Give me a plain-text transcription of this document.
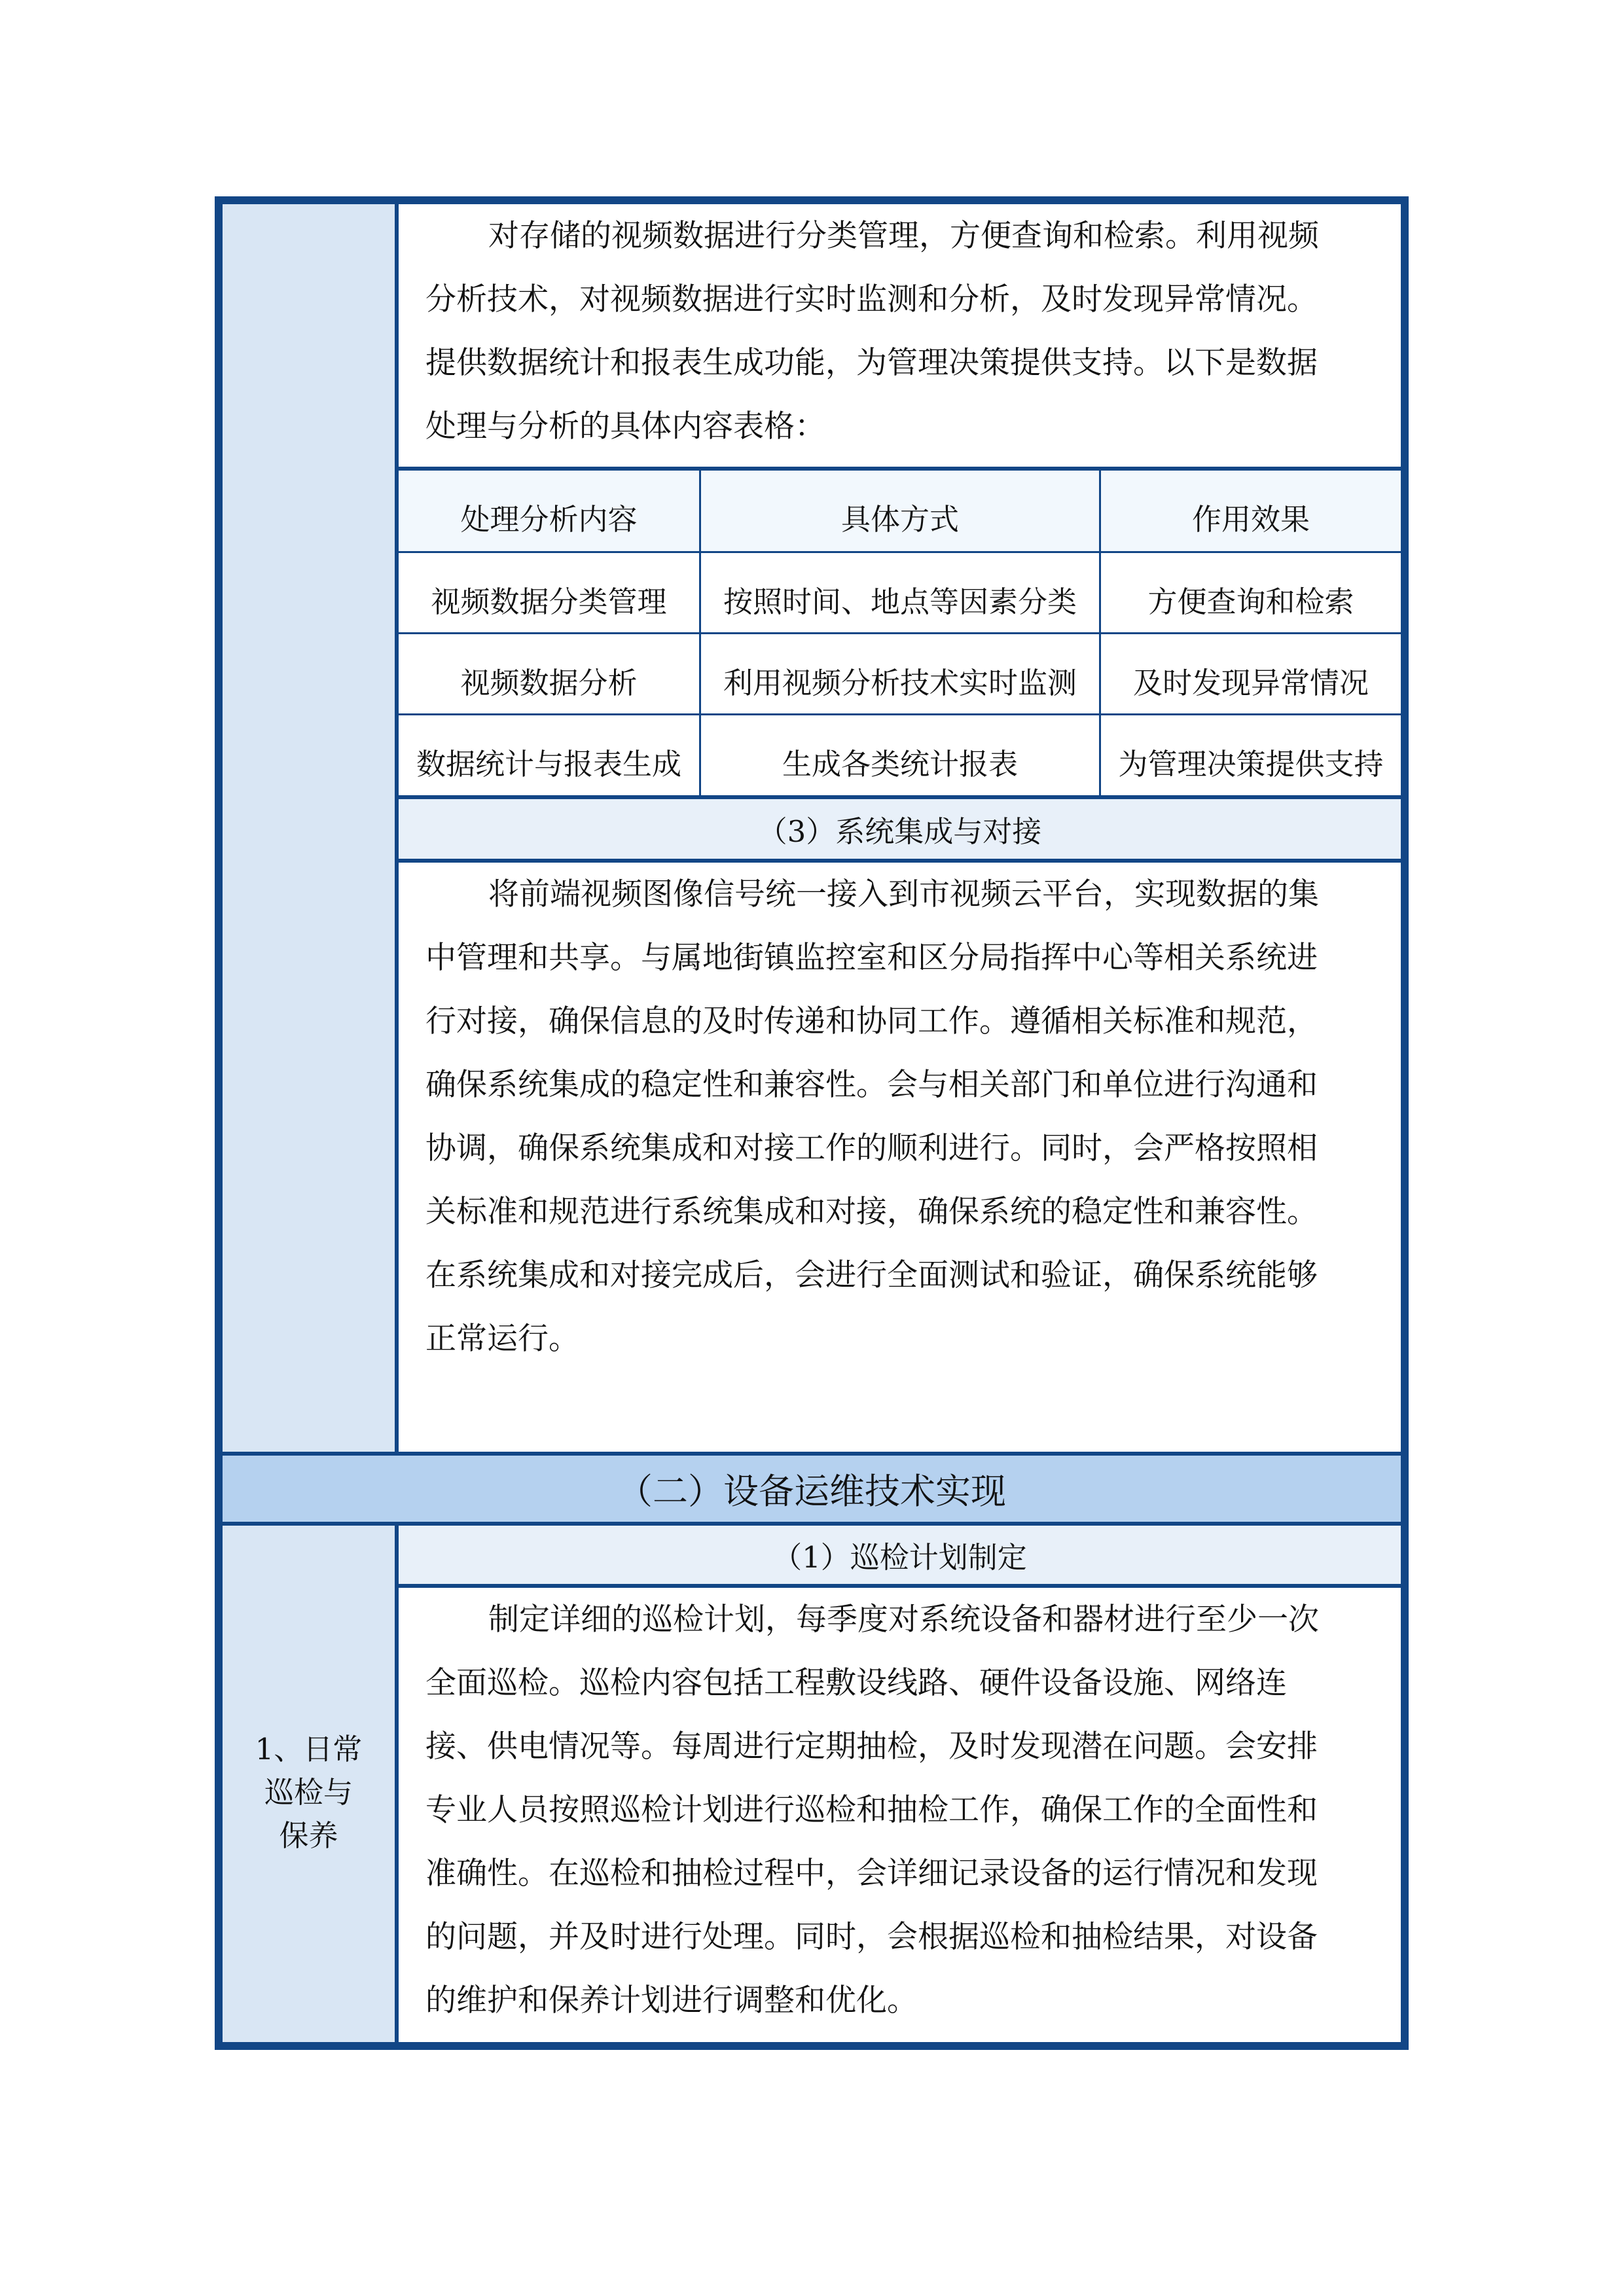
对存储的视频数据进行分类管理，方便查询和检索。利用视频
分析技术，对视频数据进行实时监测和分析，及时发现异常情况。
提供数据统计和报表生成功能，为管理决策提供支持。以下是数据
处理与分析的具体内容表格：
处理分析内容	具体方式	作用效果
视频数据分类管理	按照时间、地点等因素分类	方便查询和检索
视频数据分析	利用视频分析技术实时监测	及时发现异常情况
数据统计与报表生成	生成各类统计报表	为管理决策提供支持
（3）系统集成与对接
将前端视频图像信号统一接入到市视频云平台，实现数据的集
中管理和共享。与属地街镇监控室和区分局指挥中心等相关系统进
行对接，确保信息的及时传递和协同工作。遵循相关标准和规范，
确保系统集成的稳定性和兼容性。会与相关部门和单位进行沟通和
协调，确保系统集成和对接工作的顺利进行。同时，会严格按照相
关标准和规范进行系统集成和对接，确保系统的稳定性和兼容性。
在系统集成和对接完成后，会进行全面测试和验证，确保系统能够
正常运行。
（二）设备运维技术实现
1、日常
巡检与
保养
（1）巡检计划制定
制定详细的巡检计划，每季度对系统设备和器材进行至少一次
全面巡检。巡检内容包括工程敷设线路、硬件设备设施、网络连
接、供电情况等。每周进行定期抽检，及时发现潜在问题。会安排
专业人员按照巡检计划进行巡检和抽检工作，确保工作的全面性和
准确性。在巡检和抽检过程中，会详细记录设备的运行情况和发现
的问题，并及时进行处理。同时，会根据巡检和抽检结果，对设备
的维护和保养计划进行调整和优化。
